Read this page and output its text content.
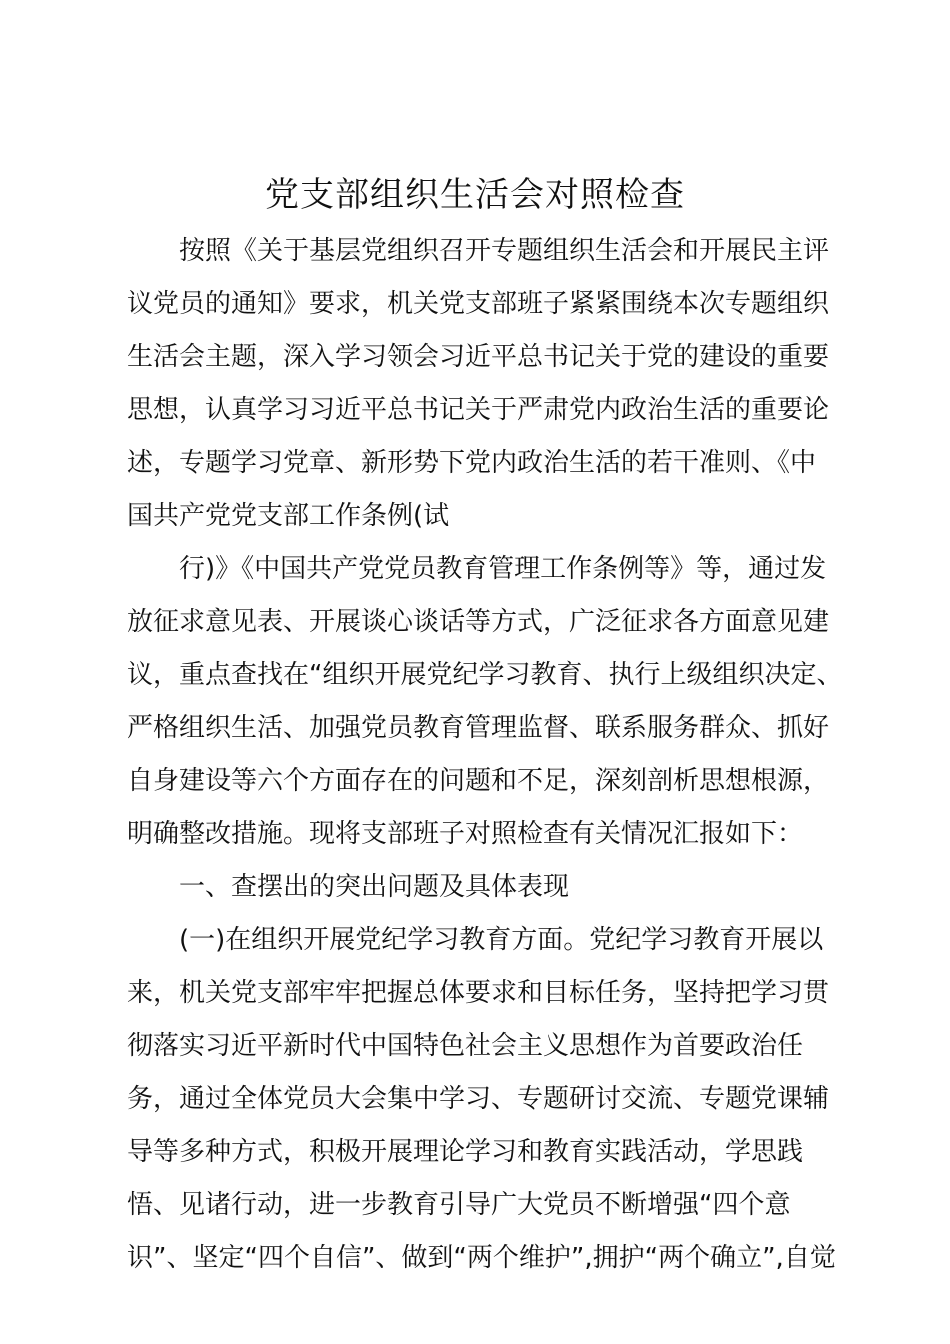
党支部组织生活会对照检查
按照《关于基层党组织召开专题组织生活会和开展民主评
议党员的通知》要求，机关党支部班子紧紧围绕本次专题组织
生活会主题，深入学习领会习近平总书记关于党的建设的重要
思想，认真学习习近平总书记关于严肃党内政治生活的重要论
述，专题学习党章、新形势下党内政治生活的若干准则、《中
国共产党党支部工作条例(试
行)》《中国共产党党员教育管理工作条例等》等，通过发
放征求意见表、开展谈心谈话等方式，广泛征求各方面意见建
议，重点查找在“组织开展党纪学习教育、执行上级组织决定、
严格组织生活、加强党员教育管理监督、联系服务群众、抓好
自身建设等六个方面存在的问题和不足，深刻剖析思想根源，
明确整改措施。现将支部班子对照检查有关情况汇报如下：
一、查摆出的突出问题及具体表现
(一)在组织开展党纪学习教育方面。党纪学习教育开展以
来，机关党支部牢牢把握总体要求和目标任务，坚持把学习贯
彻落实习近平新时代中国特色社会主义思想作为首要政治任
务，通过全体党员大会集中学习、专题研讨交流、专题党课辅
导等多种方式，积极开展理论学习和教育实践活动，学思践
悟、见诸行动，进一步教育引导广大党员不断增强“四个意
识”、坚定“四个自信”、做到“两个维护”,拥护“两个确立”,自觉
